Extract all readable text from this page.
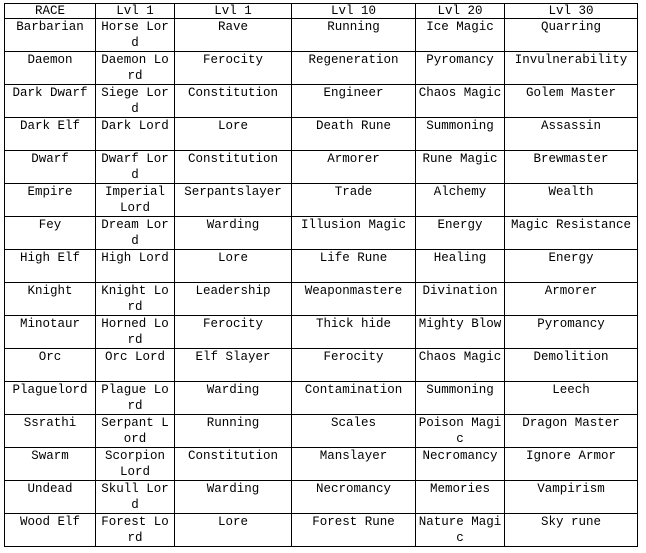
RACE	Lvl 1	Lvl 1	Lvl 10	Lvl 20	Lvl 30
Barbarian	Horse Lord	Rave	Running	Ice Magic	Quarring
Daemon	Daemon Lord	Ferocity	Regeneration	Pyromancy	Invulnerability
Dark Dwarf	Siege Lord	Constitution	Engineer	Chaos Magic	Golem Master
Dark Elf	Dark Lord	Lore	Death Rune	Summoning	Assassin
Dwarf	Dwarf Lord	Constitution	Armorer	Rune Magic	Brewmaster
Empire	Imperial Lord	Serpantslayer	Trade	Alchemy	Wealth
Fey	Dream Lord	Warding	Illusion Magic	Energy	Magic Resistance
High Elf	High Lord	Lore	Life Rune	Healing	Energy
Knight	Knight Lord	Leadership	Weaponmastere	Divination	Armorer
Minotaur	Horned Lord	Ferocity	Thick hide	Mighty Blow	Pyromancy
Orc	Orc Lord	Elf Slayer	Ferocity	Chaos Magic	Demolition
Plaguelord	Plague Lord	Warding	Contamination	Summoning	Leech
Ssrathi	Serpant Lord	Running	Scales	Poison Magic	Dragon Master
Swarm	Scorpion Lord	Constitution	Manslayer	Necromancy	Ignore Armor
Undead	Skull Lord	Warding	Necromancy	Memories	Vampirism
Wood Elf	Forest Lord	Lore	Forest Rune	Nature Magic	Sky rune
